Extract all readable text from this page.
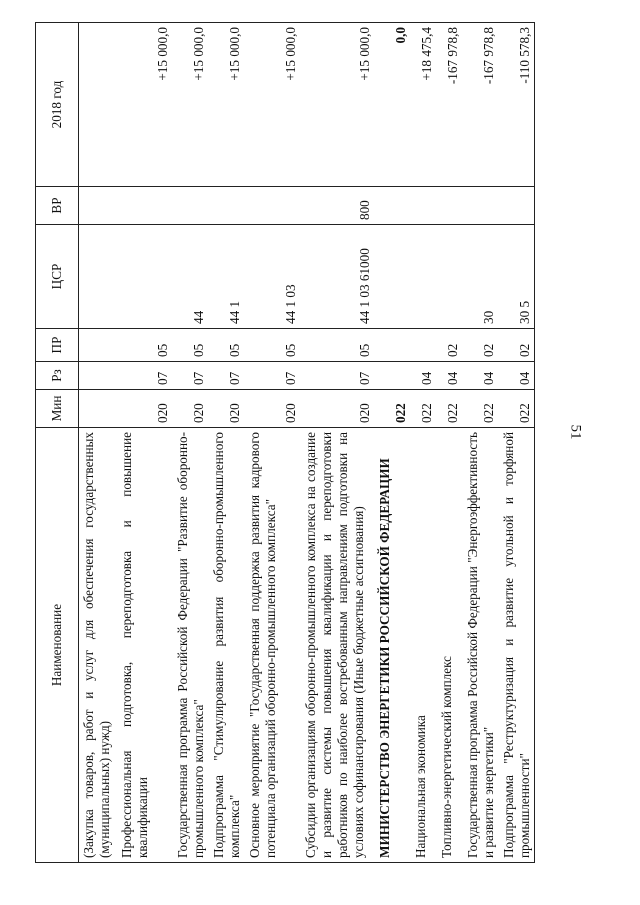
51
Наименование	Мин	Рз	ПР	ЦСР	ВР	2018 год
(Закупка товаров, работ и услуг для обеспечения государственных (муниципальных) нужд)						
Профессиональная подготовка, переподготовка и повышение квалификации	020	07	05			+15 000,0
Государственная программа Российской Федерации "Развитие оборонно-промышленного комплекса"	020	07	05	44		+15 000,0
Подпрограмма "Стимулирование развития оборонно-промышленного комплекса"	020	07	05	44 1		+15 000,0
Основное мероприятие "Государственная поддержка развития кадрового потенциала организаций оборонно-промышленного комплекса"	020	07	05	44 1 03		+15 000,0
Субсидии организациям оборонно-промышленного комплекса на создание и развитие системы повышения квалификации и переподготовки работников по наиболее востребованным направлениям подготовки на условиях софинансирования (Иные бюджетные ассигнования)	020	07	05	44 1 03 61000	800	+15 000,0
МИНИСТЕРСТВО ЭНЕРГЕТИКИ РОССИЙСКОЙ ФЕДЕРАЦИИ	022					0,0
Национальная экономика	022	04				+18 475,4
Топливно-энергетический комплекс	022	04	02			-167 978,8
Государственная программа Российской Федерации "Энергоэффективность и развитие энергетики"	022	04	02	30		-167 978,8
Подпрограмма "Реструктуризация и развитие угольной и торфяной промышленности"	022	04	02	30 5		-110 578,3
